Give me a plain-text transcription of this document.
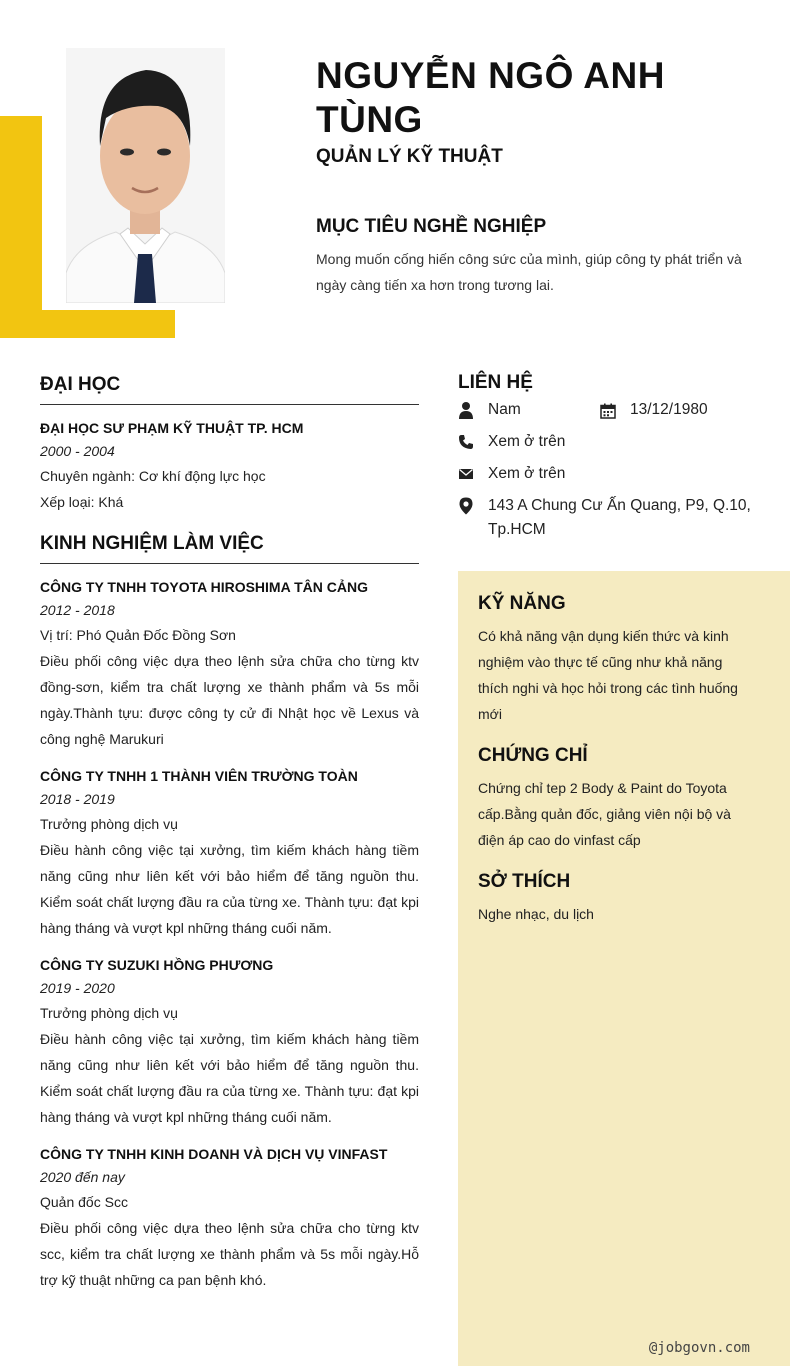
NGUYỄN NGÔ ANH TÙNG
QUẢN LÝ KỸ THUẬT
MỤC TIÊU NGHỀ NGHIỆP
Mong muốn cống hiến công sức của mình, giúp công ty phát triển và ngày càng tiến xa hơn trong tương lai.
ĐẠI HỌC
ĐẠI HỌC SƯ PHẠM KỸ THUẬT TP. HCM
2000 - 2004
Chuyên ngành: Cơ khí động lực học
Xếp loại: Khá
KINH NGHIỆM LÀM VIỆC
CÔNG TY TNHH TOYOTA HIROSHIMA TÂN CẢNG
2012 - 2018
Vị trí: Phó Quản Đốc Đồng Sơn
Điều phối công việc dựa theo lệnh sửa chữa cho từng ktv đồng-sơn, kiểm tra chất lượng xe thành phẩm và 5s mỗi ngày.Thành tựu: được công ty cử đi Nhật học về Lexus và công nghệ Marukuri
CÔNG TY TNHH 1 THÀNH VIÊN TRƯỜNG TOÀN
2018 - 2019
Trưởng phòng dịch vụ
Điều hành công việc tại xưởng, tìm kiếm khách hàng tiềm năng cũng như liên kết với bảo hiểm để tăng nguồn thu. Kiểm soát chất lượng đầu ra của từng xe. Thành tựu: đạt kpi hàng tháng và vượt kpl những tháng cuối năm.
CÔNG TY SUZUKI HỒNG PHƯƠNG
2019 - 2020
Trưởng phòng dịch vụ
Điều hành công việc tại xưởng, tìm kiếm khách hàng tiềm năng cũng như liên kết với bảo hiểm để tăng nguồn thu. Kiểm soát chất lượng đầu ra của từng xe. Thành tựu: đạt kpi hàng tháng và vượt kpl những tháng cuối năm.
CÔNG TY TNHH KINH DOANH VÀ DỊCH VỤ VINFAST
2020 đến nay
Quản đốc Scc
Điều phối công việc dựa theo lệnh sửa chữa cho từng ktv scc, kiểm tra chất lượng xe thành phẩm và 5s mỗi ngày.Hỗ trợ kỹ thuật những ca pan bệnh khó.
LIÊN HỆ
Nam	13/12/1980
Xem ở trên
Xem ở trên
143 A Chung Cư Ấn Quang, P9, Q.10, Tp.HCM
KỸ NĂNG
Có khả năng vận dụng kiến thức và kinh nghiệm vào thực tế cũng như khả năng thích nghi và học hỏi trong các tình huống mới
CHỨNG CHỈ
Chứng chỉ tep 2 Body & Paint do Toyota cấp.Bằng quản đốc, giảng viên nội bộ và điện áp cao do vinfast cấp
SỞ THÍCH
Nghe nhạc, du lịch
@jobgovn.com
